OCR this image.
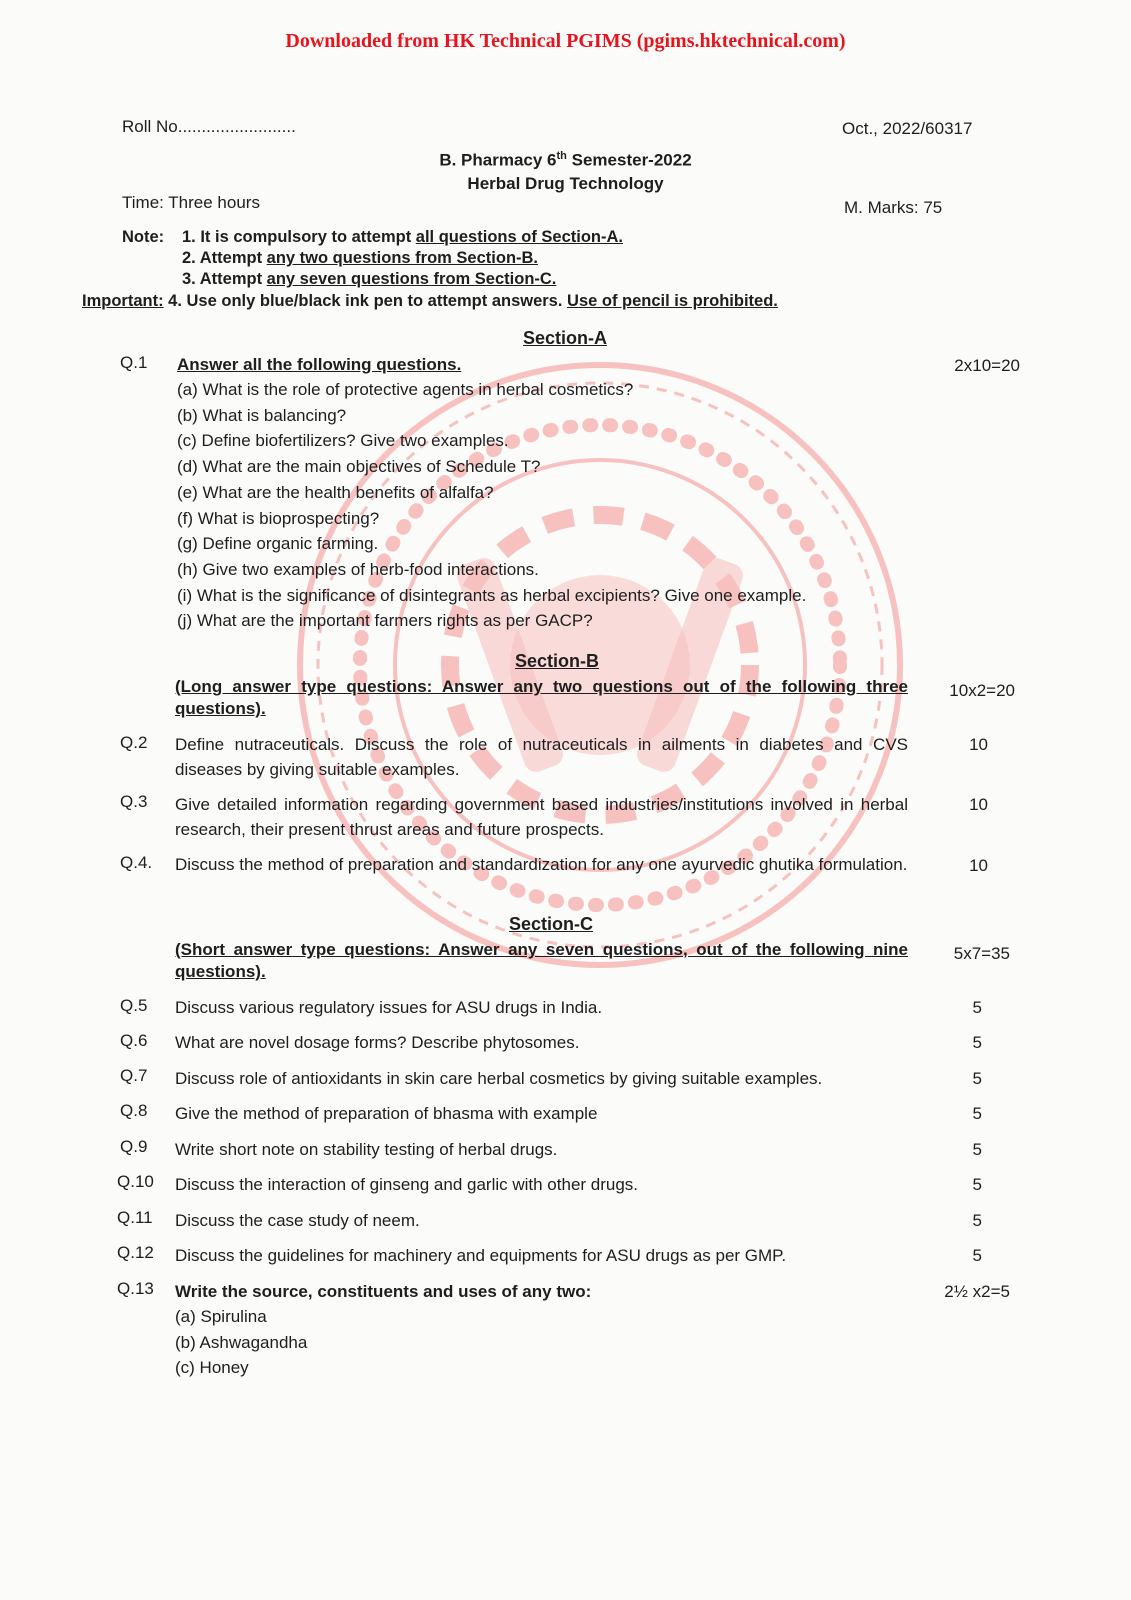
Downloaded from HK Technical PGIMS (pgims.hktechnical.com)
Roll No.........................	Oct., 2022/60317
B. Pharmacy 6th Semester-2022
Herbal Drug Technology
Time: Three hours	M. Marks: 75
Note: 1. It is compulsory to attempt all questions of Section-A.
2. Attempt any two questions from Section-B.
3. Attempt any seven questions from Section-C.
Important: 4. Use only blue/black ink pen to attempt answers. Use of pencil is prohibited.
Section-A
Q.1 Answer all the following questions.	2x10=20
(a) What is the role of protective agents in herbal cosmetics?
(b) What is balancing?
(c) Define biofertilizers? Give two examples.
(d) What are the main objectives of Schedule T?
(e) What are the health benefits of alfalfa?
(f) What is bioprospecting?
(g) Define organic farming.
(h) Give two examples of herb-food interactions.
(i) What is the significance of disintegrants as herbal excipients? Give one example.
(j) What are the important farmers rights as per GACP?
Section-B
(Long answer type questions: Answer any two questions out of the following three questions).
10x2=20
Q.2 Define nutraceuticals. Discuss the role of nutraceuticals in ailments in diabetes and CVS diseases by giving suitable examples.
10
Q.3 Give detailed information regarding government based industries/institutions involved in herbal research, their present thrust areas and future prospects.
10
Q.4. Discuss the method of preparation and standardization for any one ayurvedic ghutika formulation.	10
Section-C
(Short answer type questions: Answer any seven questions, out of the following nine questions).
5x7=35
Q.5 Discuss various regulatory issues for ASU drugs in India.	5
Q.6 What are novel dosage forms? Describe phytosomes.	5
Q.7 Discuss role of antioxidants in skin care herbal cosmetics by giving suitable examples.	5
Q.8 Give the method of preparation of bhasma with example	5
Q.9 Write short note on stability testing of herbal drugs.	5
Q.10 Discuss the interaction of ginseng and garlic with other drugs.	5
Q.11 Discuss the case study of neem.	5
Q.12 Discuss the guidelines for machinery and equipments for ASU drugs as per GMP.	5
Q.13 Write the source, constituents and uses of any two:	2½ x2=5
(a) Spirulina
(b) Ashwagandha
(c) Honey
